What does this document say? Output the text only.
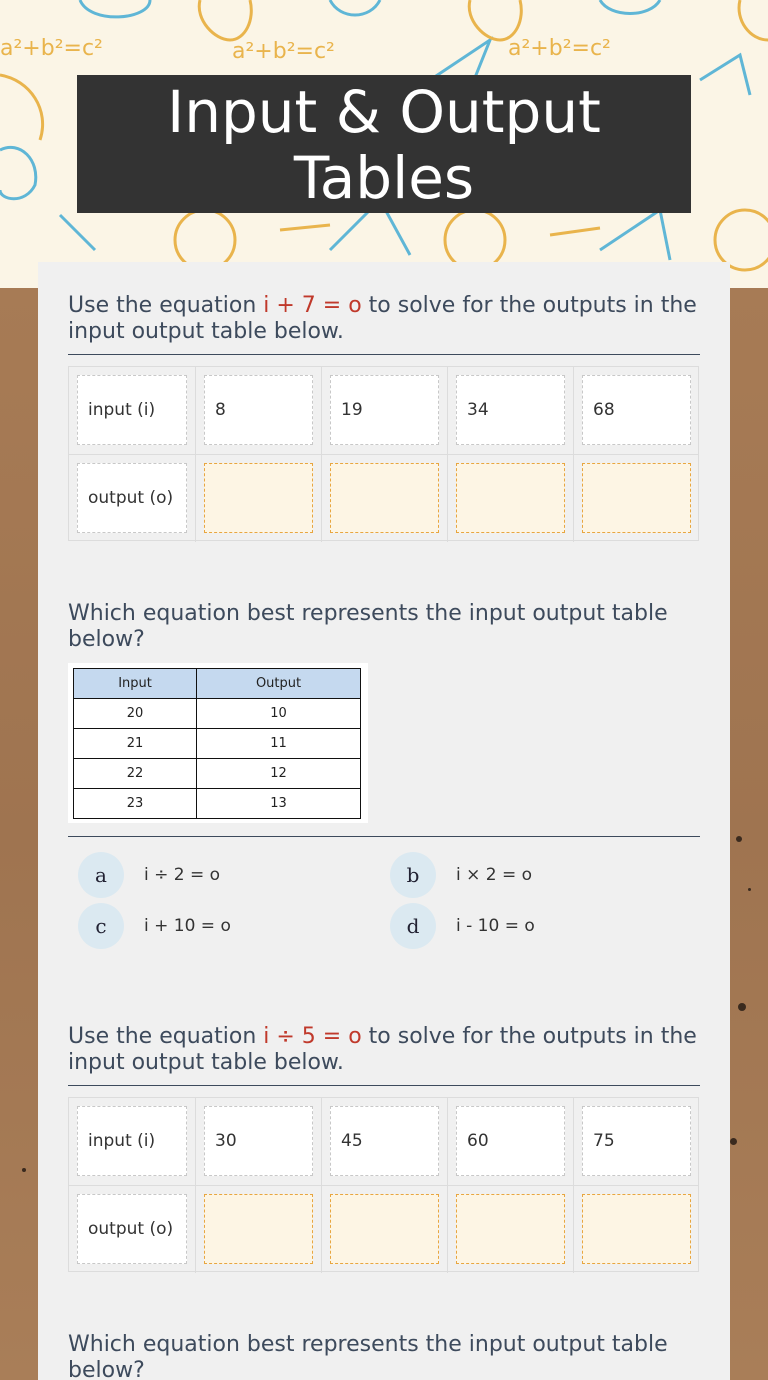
a²+b²=c²	a²+b²=c²	a²+b²=c²
Input & Output
Tables
Use the equation i + 7 = o to solve for the outputs in the input output table below.
input (i)	8	19	34	68
output (o)
Which equation best represents the input output table below?
Input	Output
20	10
21	11
22	12
23	13
a	i ÷ 2 = o	b	i × 2 = o
c	i + 10 = o	d	i - 10 = o
Use the equation i ÷ 5 = o to solve for the outputs in the input output table below.
input (i)	30	45	60	75
output (o)
Which equation best represents the input output table below?
